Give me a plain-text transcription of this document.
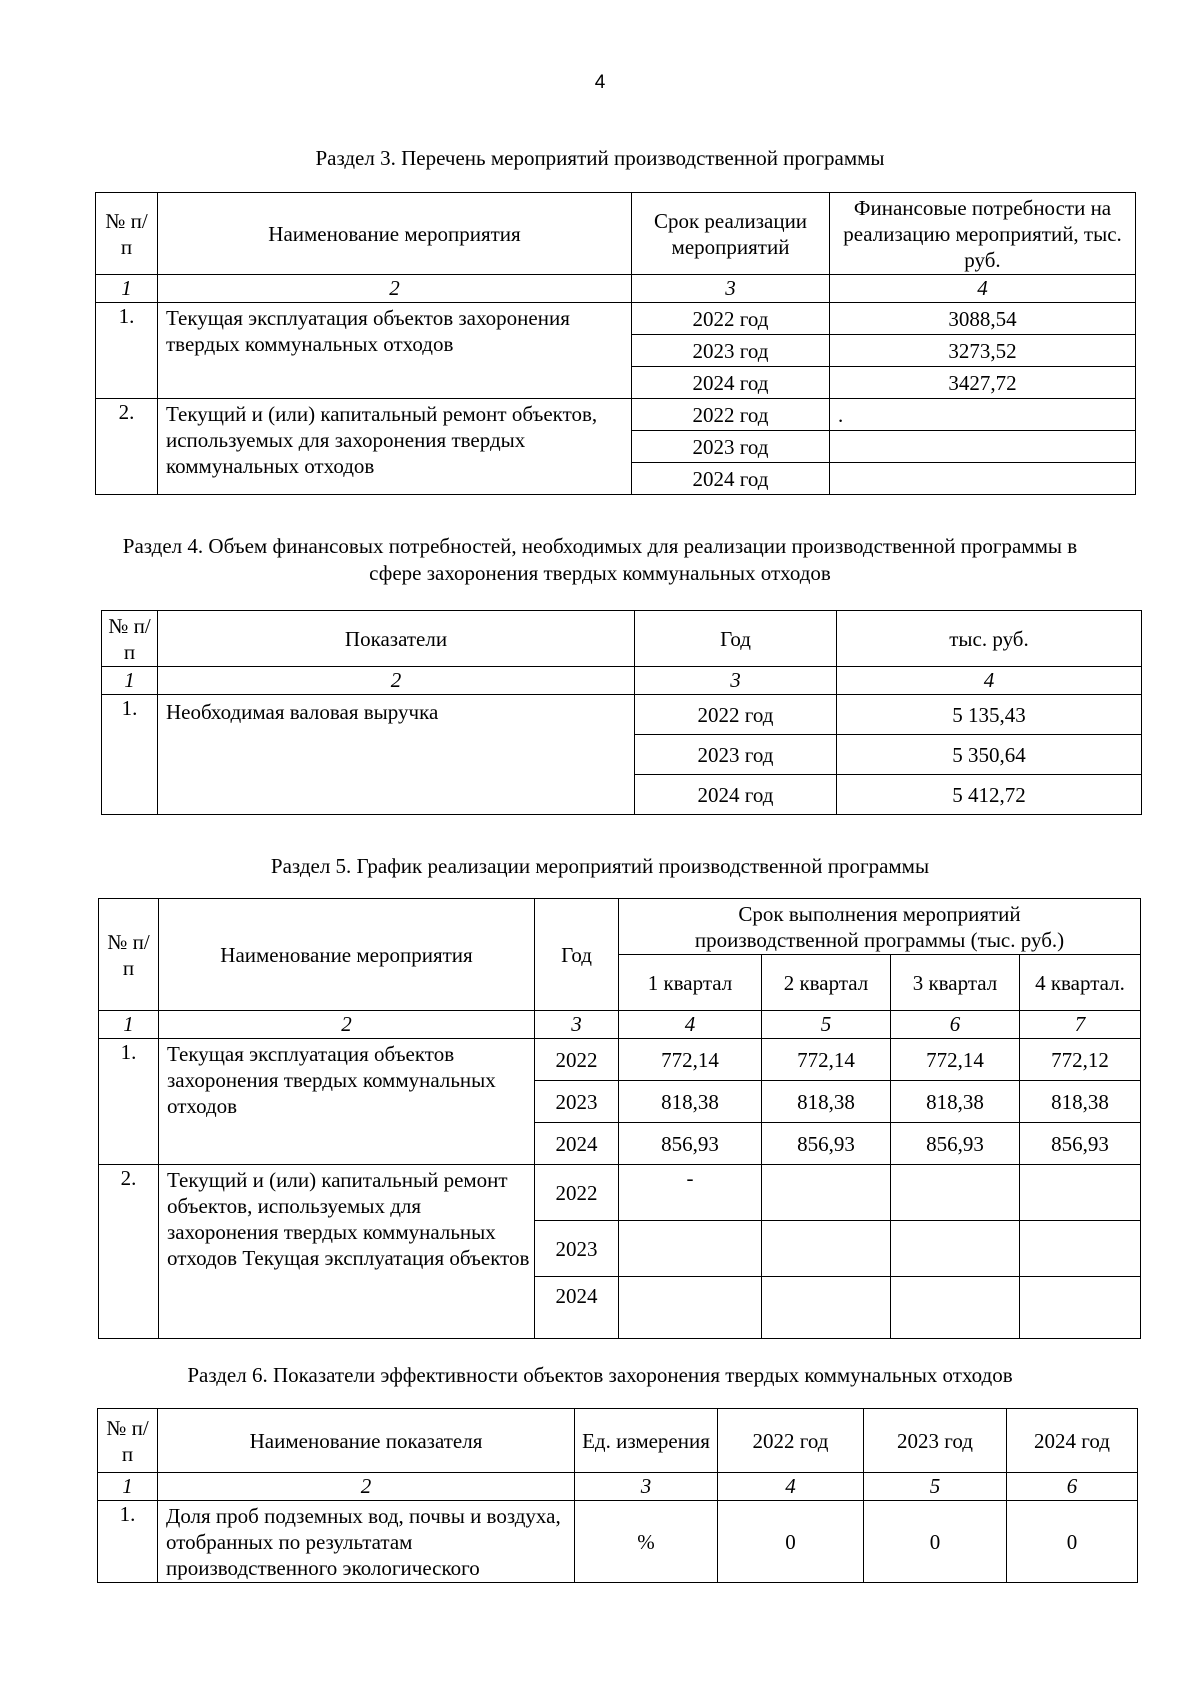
4
Раздел 3. Перечень мероприятий производственной программы
№ п/п	Наименование мероприятия	Срок реализации мероприятий	Финансовые потребности на реализацию мероприятий, тыс. руб.
1	2	3	4
1.	Текущая эксплуатация объектов захоронения твердых коммунальных отходов	2022 год	3088,54
		2023 год	3273,52
		2024 год	3427,72
2.	Текущий и (или) капитальный ремонт объектов, используемых для захоронения твердых коммунальных отходов	2022 год	.
		2023 год	
		2024 год	
Раздел 4. Объем финансовых потребностей, необходимых для реализации производственной программы в сфере захоронения твердых коммунальных отходов
№ п/п	Показатели	Год	тыс. руб.
1	2	3	4
1.	Необходимая валовая выручка	2022 год	5 135,43
		2023 год	5 350,64
		2024 год	5 412,72
Раздел 5. График реализации мероприятий производственной программы
№ п/п	Наименование мероприятия	Год	Срок выполнения мероприятий производственной программы (тыс. руб.)			
			1 квартал	2 квартал	3 квартал	4 квартал.
1	2	3	4	5	6	7
1.	Текущая эксплуатация объектов захоронения твердых коммунальных отходов	2022	772,14	772,14	772,14	772,12
		2023	818,38	818,38	818,38	818,38
		2024	856,93	856,93	856,93	856,93
2.	Текущий и (или) капитальный ремонт объектов, используемых для захоронения твердых коммунальных отходов Текущая эксплуатация объектов	2022	-			
		2023				
		2024				
Раздел 6. Показатели эффективности объектов захоронения твердых коммунальных отходов
№ п/п	Наименование показателя	Ед. измерения	2022 год	2023 год	2024 год
1	2	3	4	5	6
1.	Доля проб подземных вод, почвы и воздуха, отобранных по результатам производственного экологического	%	0	0	0
